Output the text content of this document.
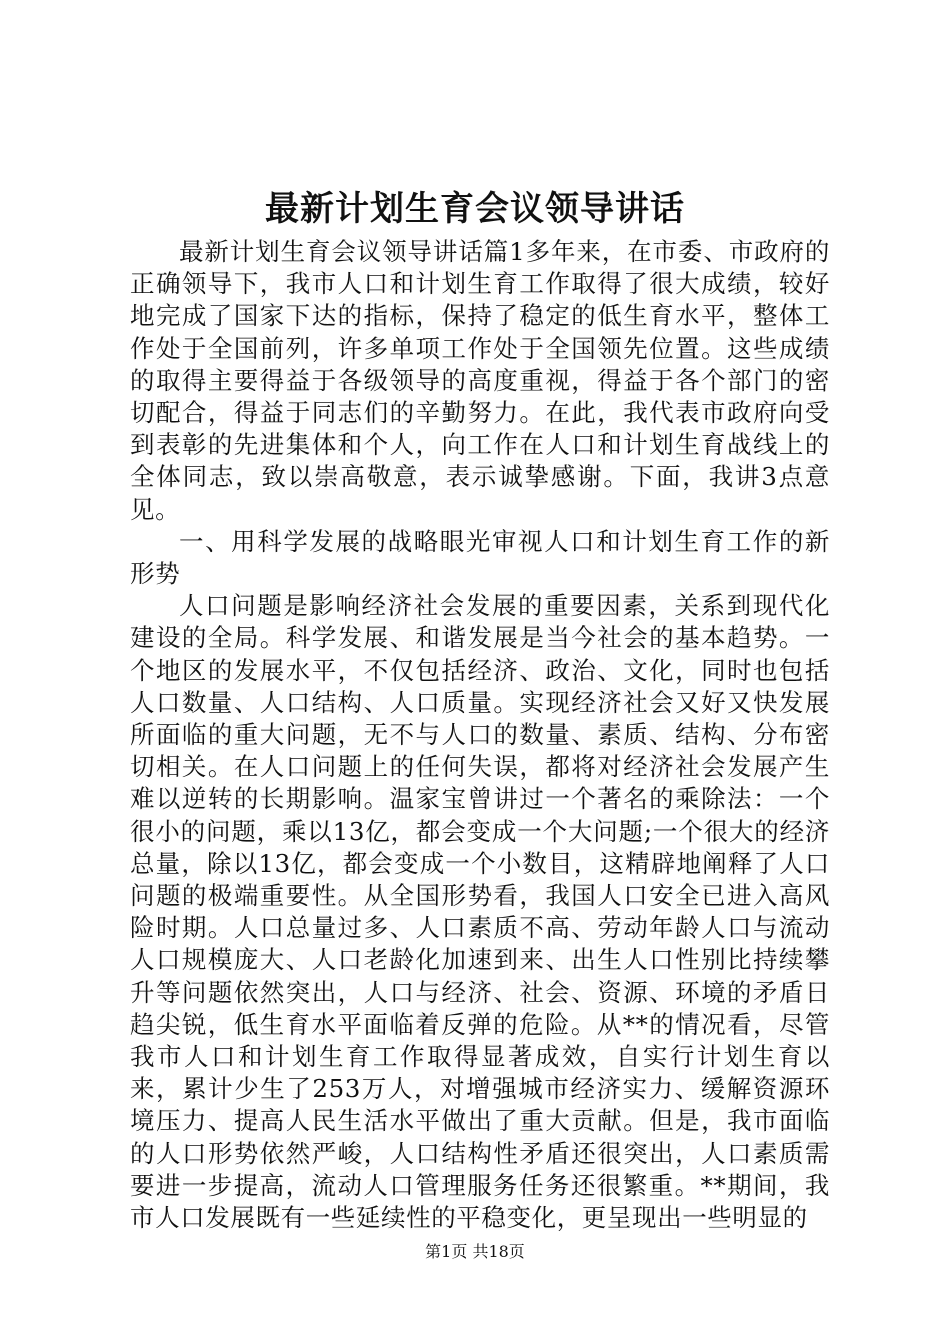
最新计划生育会议领导讲话

最新计划生育会议领导讲话篇1多年来，在市委、市政府的正确领导下，我市人口和计划生育工作取得了很大成绩，较好地完成了国家下达的指标，保持了稳定的低生育水平，整体工作处于全国前列，许多单项工作处于全国领先位置。这些成绩的取得主要得益于各级领导的高度重视，得益于各个部门的密切配合，得益于同志们的辛勤努力。在此，我代表市政府向受到表彰的先进集体和个人，向工作在人口和计划生育战线上的全体同志，致以崇高敬意，表示诚挚感谢。下面，我讲3点意见。

一、用科学发展的战略眼光审视人口和计划生育工作的新形势

人口问题是影响经济社会发展的重要因素，关系到现代化建设的全局。科学发展、和谐发展是当今社会的基本趋势。一个地区的发展水平，不仅包括经济、政治、文化，同时也包括人口数量、人口结构、人口质量。实现经济社会又好又快发展所面临的重大问题，无不与人口的数量、素质、结构、分布密切相关。在人口问题上的任何失误，都将对经济社会发展产生难以逆转的长期影响。温家宝曾讲过一个著名的乘除法：一个很小的问题，乘以13亿，都会变成一个大问题;一个很大的经济总量，除以13亿，都会变成一个小数目，这精辟地阐释了人口问题的极端重要性。从全国形势看，我国人口安全已进入高风险时期。人口总量过多、人口素质不高、劳动年龄人口与流动人口规模庞大、人口老龄化加速到来、出生人口性别比持续攀升等问题依然突出，人口与经济、社会、资源、环境的矛盾日趋尖锐，低生育水平面临着反弹的危险。从**的情况看，尽管我市人口和计划生育工作取得显著成效，自实行计划生育以来，累计少生了253万人，对增强城市经济实力、缓解资源环境压力、提高人民生活水平做出了重大贡献。但是，我市面临的人口形势依然严峻，人口结构性矛盾还很突出，人口素质需要进一步提高，流动人口管理服务任务还很繁重。**期间，我市人口发展既有一些延续性的平稳变化，更呈现出一些明显的

第1页 共18页
